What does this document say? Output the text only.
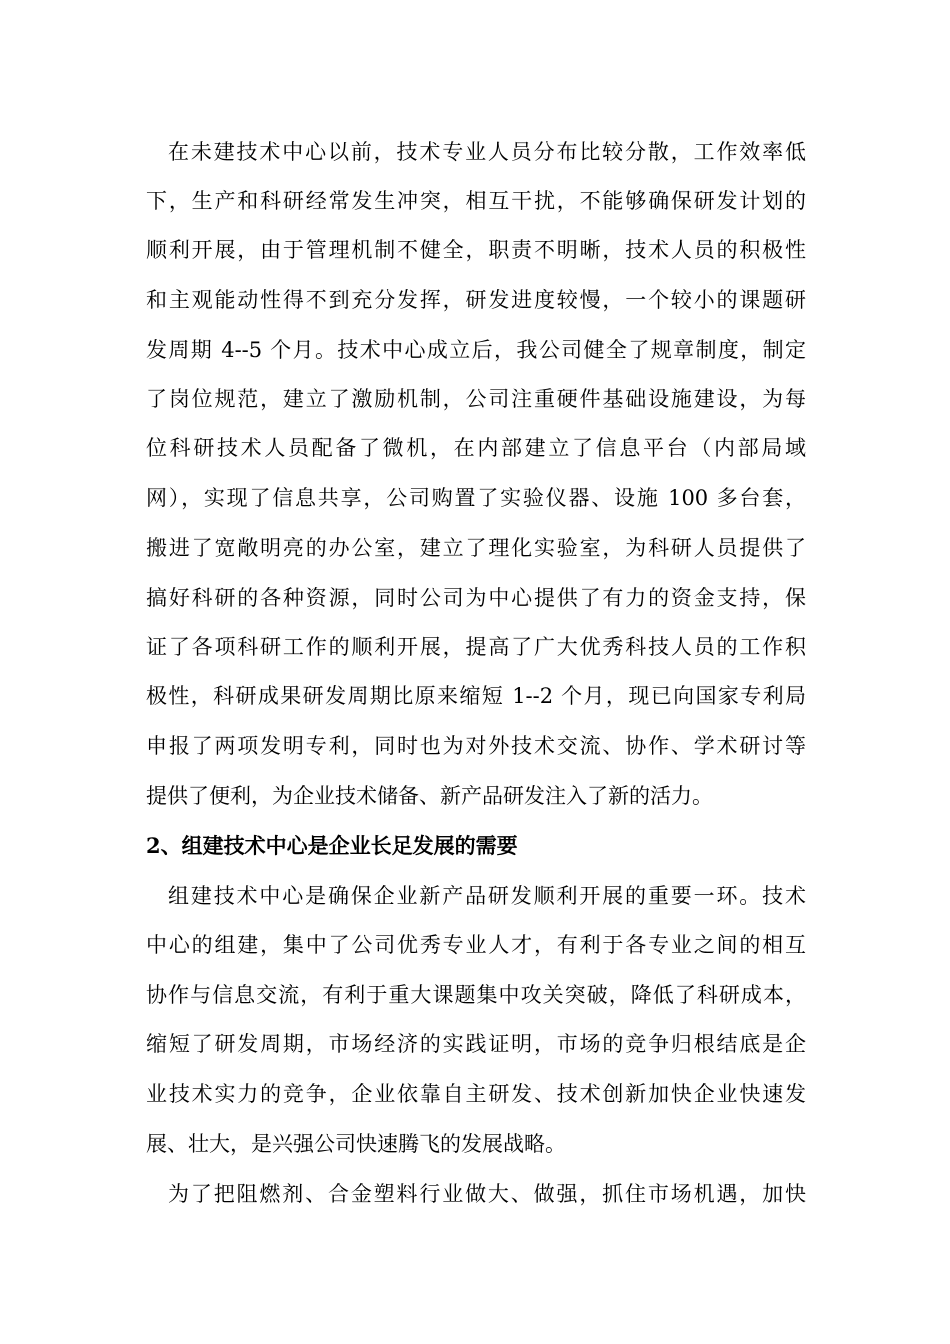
在未建技术中心以前，技术专业人员分布比较分散，工作效率低
下，生产和科研经常发生冲突，相互干扰，不能够确保研发计划的
顺利开展，由于管理机制不健全，职责不明晰，技术人员的积极性
和主观能动性得不到充分发挥，研发进度较慢，一个较小的课题研
发周期 4--5 个月。技术中心成立后，我公司健全了规章制度，制定
了岗位规范，建立了激励机制，公司注重硬件基础设施建设，为每
位科研技术人员配备了微机，在内部建立了信息平台（内部局域
网），实现了信息共享，公司购置了实验仪器、设施 100 多台套，
搬进了宽敞明亮的办公室，建立了理化实验室，为科研人员提供了
搞好科研的各种资源，同时公司为中心提供了有力的资金支持，保
证了各项科研工作的顺利开展，提高了广大优秀科技人员的工作积
极性，科研成果研发周期比原来缩短 1--2 个月，现已向国家专利局
申报了两项发明专利，同时也为对外技术交流、协作、学术研讨等
提供了便利，为企业技术储备、新产品研发注入了新的活力。
2、组建技术中心是企业长足发展的需要
组建技术中心是确保企业新产品研发顺利开展的重要一环。技术
中心的组建，集中了公司优秀专业人才，有利于各专业之间的相互
协作与信息交流，有利于重大课题集中攻关突破，降低了科研成本，
缩短了研发周期，市场经济的实践证明，市场的竞争归根结底是企
业技术实力的竞争，企业依靠自主研发、技术创新加快企业快速发
展、壮大，是兴强公司快速腾飞的发展战略。
为了把阻燃剂、合金塑料行业做大、做强，抓住市场机遇，加快
